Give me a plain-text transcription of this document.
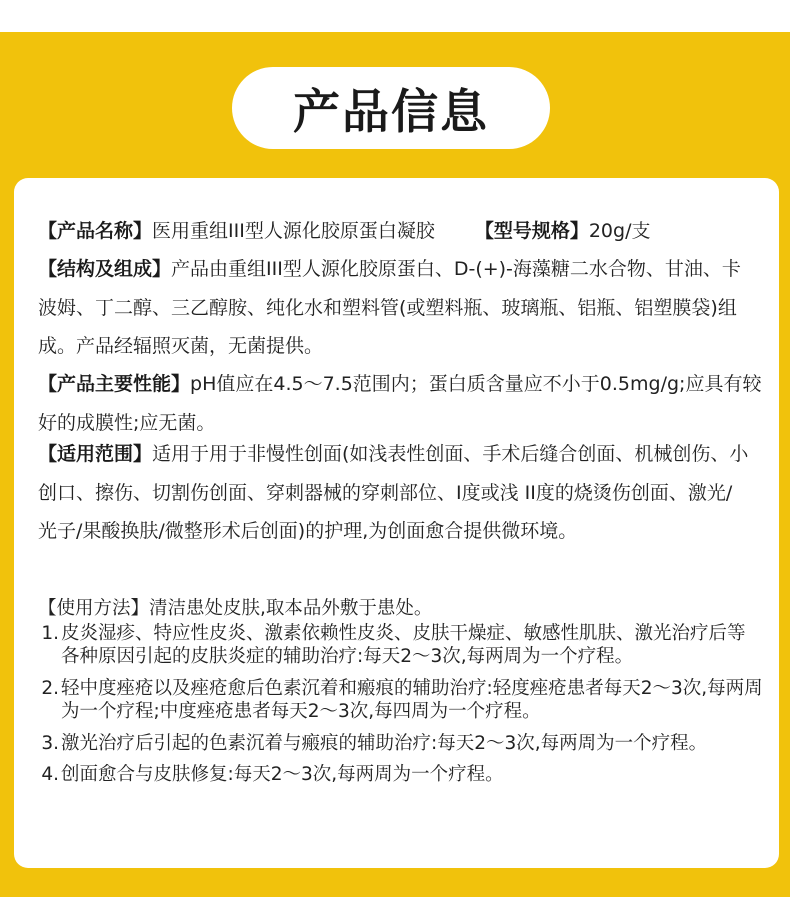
产品信息
【产品名称】医用重组III型人源化胶原蛋白凝胶 【型号规格】20g/支
【结构及组成】产品由重组III型人源化胶原蛋白、D-(+)-海藻糖二水合物、甘油、卡波姆、丁二醇、三乙醇胺、纯化水和塑料管(或塑料瓶、玻璃瓶、铝瓶、铝塑膜袋)组成。产品经辐照灭菌，无菌提供。
【产品主要性能】pH值应在4.5～7.5范围内；蛋白质含量应不小于0.5mg/g;应具有较好的成膜性;应无菌。
【适用范围】适用于用于非慢性创面(如浅表性创面、手术后缝合创面、机械创伤、小创口、擦伤、切割伤创面、穿刺器械的穿刺部位、I度或浅 II度的烧烫伤创面、激光/光子/果酸换肤/微整形术后创面)的护理,为创面愈合提供微环境。
【使用方法】清洁患处皮肤,取本品外敷于患处。
1. 皮炎湿疹、特应性皮炎、激素依赖性皮炎、皮肤干燥症、敏感性肌肤、激光治疗后等各种原因引起的皮肤炎症的辅助治疗:每天2～3次,每两周为一个疗程。
2. 轻中度痤疮以及痤疮愈后色素沉着和瘢痕的辅助治疗:轻度痤疮患者每天2～3次,每两周为一个疗程;中度痤疮患者每天2～3次,每四周为一个疗程。
3. 激光治疗后引起的色素沉着与瘢痕的辅助治疗:每天2～3次,每两周为一个疗程。
4. 创面愈合与皮肤修复:每天2～3次,每两周为一个疗程。
